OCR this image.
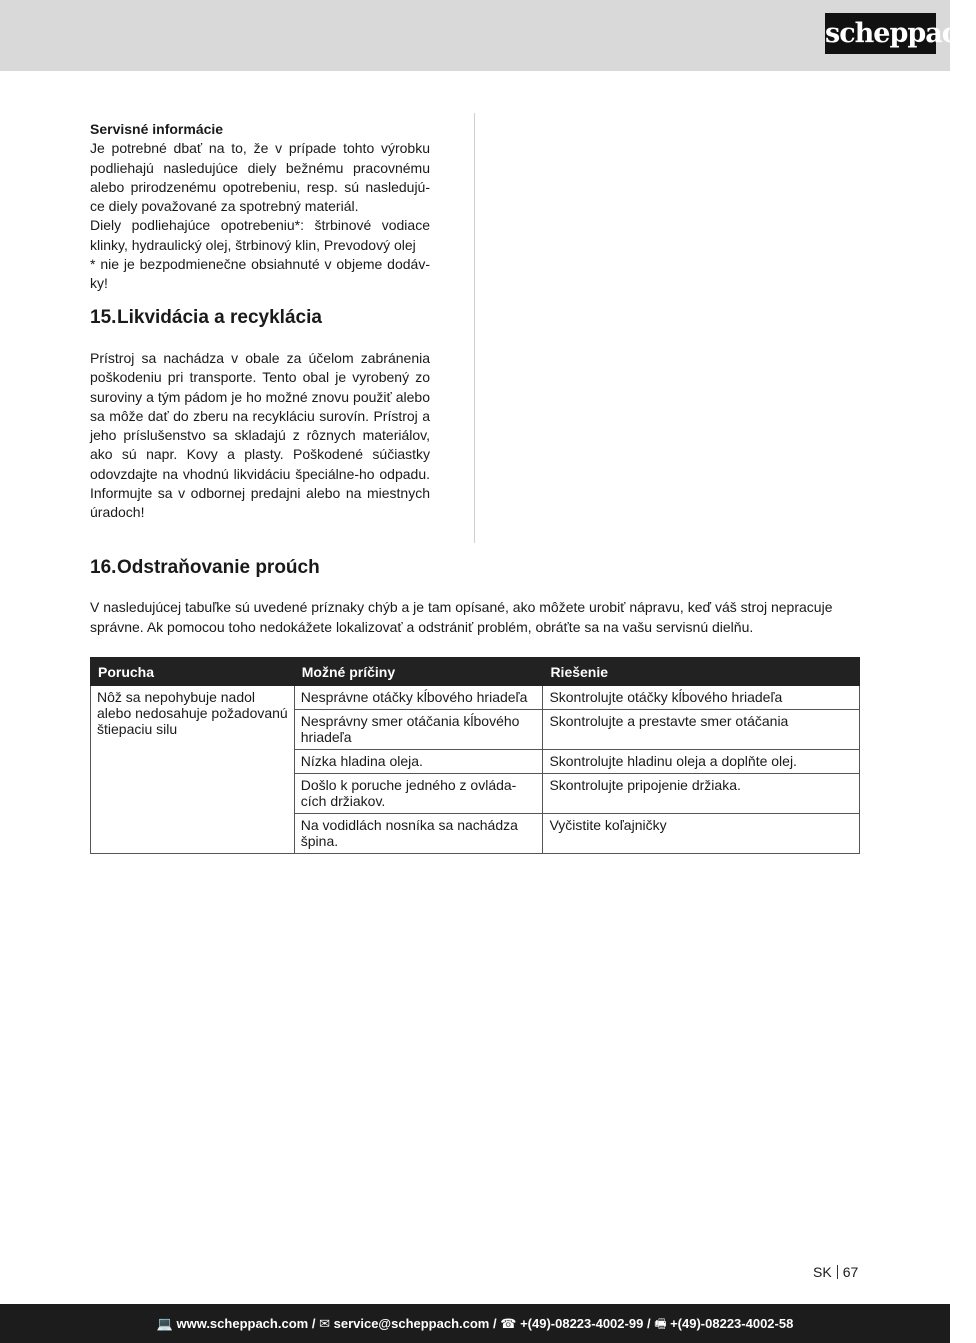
scheppach

Servisné informácie

Je potrebné dbať na to, že v prípade tohto výrobku podliehajú nasledujúce diely bežnému pracovnému alebo prirodzenému opotrebeniu, resp. sú nasledujú-ce diely považované za spotrebný materiál.

Diely podliehajúce opotrebeniu*: štrbinové vodiace klinky, hydraulický olej, štrbinový klin, Prevodový olej

* nie je bezpodmienečne obsiahnuté v objeme dodáv-ky!

15.Likvidácia a recyklácia

Prístroj sa nachádza v obale za účelom zabránenia poškodeniu pri transporte. Tento obal je vyrobený zo suroviny a tým pádom je ho možné znovu použiť alebo sa môže dať do zberu na recykláciu surovín. Prístroj a jeho príslušenstvo sa skladajú z rôznych materiálov, ako sú napr. Kovy a plasty. Poškodené súčiastky odovzdajte na vhodnú likvidáciu špeciálne-ho odpadu. Informujte sa v odbornej predajni alebo na miestnych úradoch!

16.Odstraňovanie proúch

V nasledujúcej tabuľke sú uvedené príznaky chýb a je tam opísané, ako môžete urobiť nápravu, keď váš stroj nepracuje správne. Ak pomocou toho nedokážete lokalizovať a odstrániť problém, obráťte sa na vašu servisnú dielňu.

Porucha	Možné príčiny	Riešenie
Nôž sa nepohybuje nadol alebo nedosahuje požadovanú štiepaciu silu	Nesprávne otáčky kĺbového hriadeľa	Skontrolujte otáčky kĺbového hriadeľa
	Nesprávny smer otáčania kĺbového hriadeľa	Skontrolujte a prestavte smer otáčania
	Nízka hladina oleja.	Skontrolujte hladinu oleja a doplňte olej.
	Došlo k poruche jedného z ovláda-cích držiakov.	Skontrolujte pripojenie držiaka.
	Na vodidlách nosníka sa nachádza špina.	Vyčistite koľajničky
SK 67
💻 www.scheppach.com / ✉ service@scheppach.com / ☎ +(49)-08223-4002-99 / 🖷 +(49)-08223-4002-58
